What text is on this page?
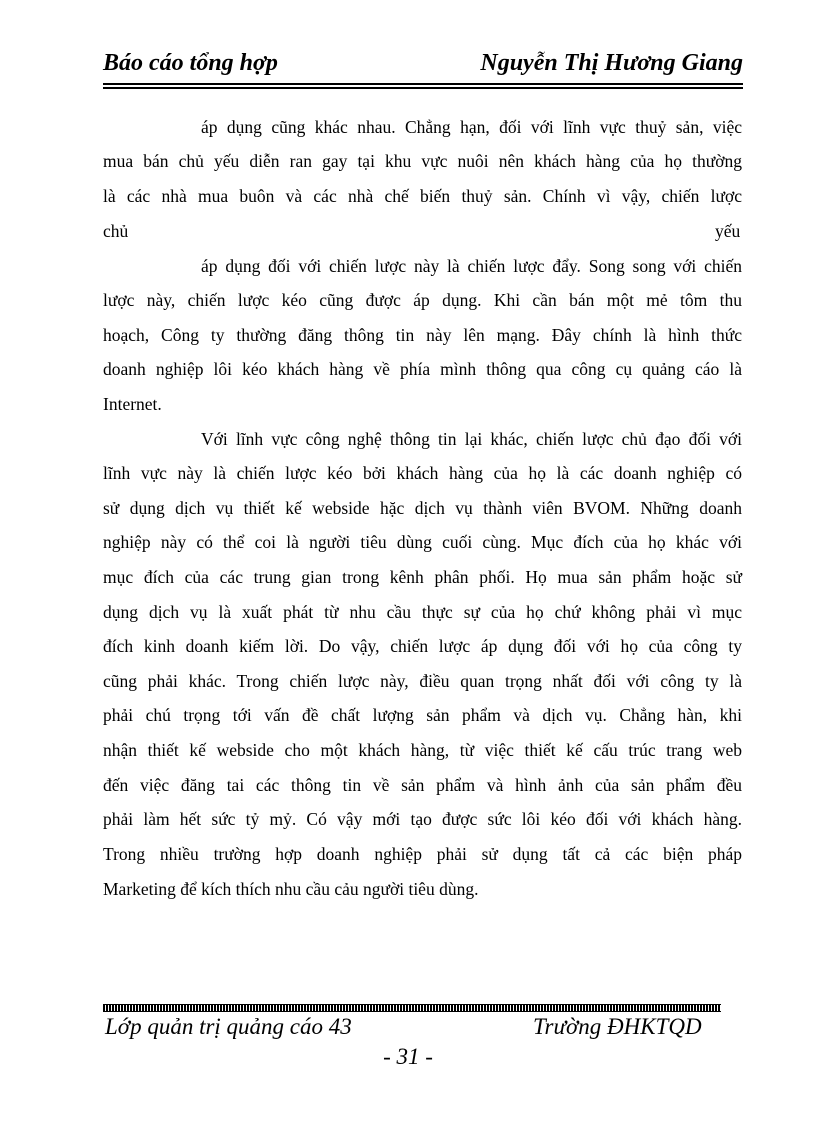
Báo cáo tổng hợp	Nguyễn Thị Hương Giang
áp dụng cũng khác nhau. Chẳng hạn, đối với lĩnh vực thuỷ sản, việc
mua bán chủ yếu diễn ran gay tại khu vực nuôi nên khách hàng của họ thường
là các nhà mua buôn và các nhà chế biến thuỷ sản. Chính vì vậy, chiến lược
chủ	yếu
áp dụng đối với chiến lược này là chiến lược đẩy. Song song với chiến
lược này, chiến lược kéo cũng được áp dụng. Khi cần bán một mẻ tôm thu
hoạch, Công ty thường đăng thông tin này lên mạng. Đây chính là hình thức
doanh nghiệp lôi kéo khách hàng về phía mình thông qua công cụ quảng cáo là
Internet.
Với lĩnh vực công nghệ thông tin lại khác, chiến lược chủ đạo đối với
lĩnh vực này là chiến lược kéo bởi khách hàng của họ là các doanh nghiệp có
sử dụng dịch vụ thiết kế webside hặc dịch vụ thành viên BVOM. Những doanh
nghiệp này có thể coi là người tiêu dùng cuối cùng. Mục đích của họ khác với
mục đích của các trung gian trong kênh phân phối. Họ mua sản phẩm hoặc sử
dụng dịch vụ là xuất phát từ nhu cầu thực sự của họ chứ không phải vì mục
đích kinh doanh kiếm lời. Do vậy, chiến lược áp dụng đối với họ của công ty
cũng phải khác. Trong chiến lược này, điều quan trọng nhất đối với công ty là
phải chú trọng tới vấn đề chất lượng sản phẩm và dịch vụ. Chẳng hàn, khi
nhận thiết kế webside cho một khách hàng, từ việc thiết kế cấu trúc trang web
đến việc đăng tai các thông tin về sản phẩm và hình ảnh của sản phẩm đều
phải làm hết sức tỷ mỷ. Có vậy mới tạo được sức lôi kéo đối với khách hàng.
Trong nhiều trường hợp doanh nghiệp phải sử dụng tất cả các biện pháp
Marketing để kích thích nhu cầu cảu người tiêu dùng.
Lớp quản trị quảng cáo 43	Trường ĐHKTQD
- 31 -
